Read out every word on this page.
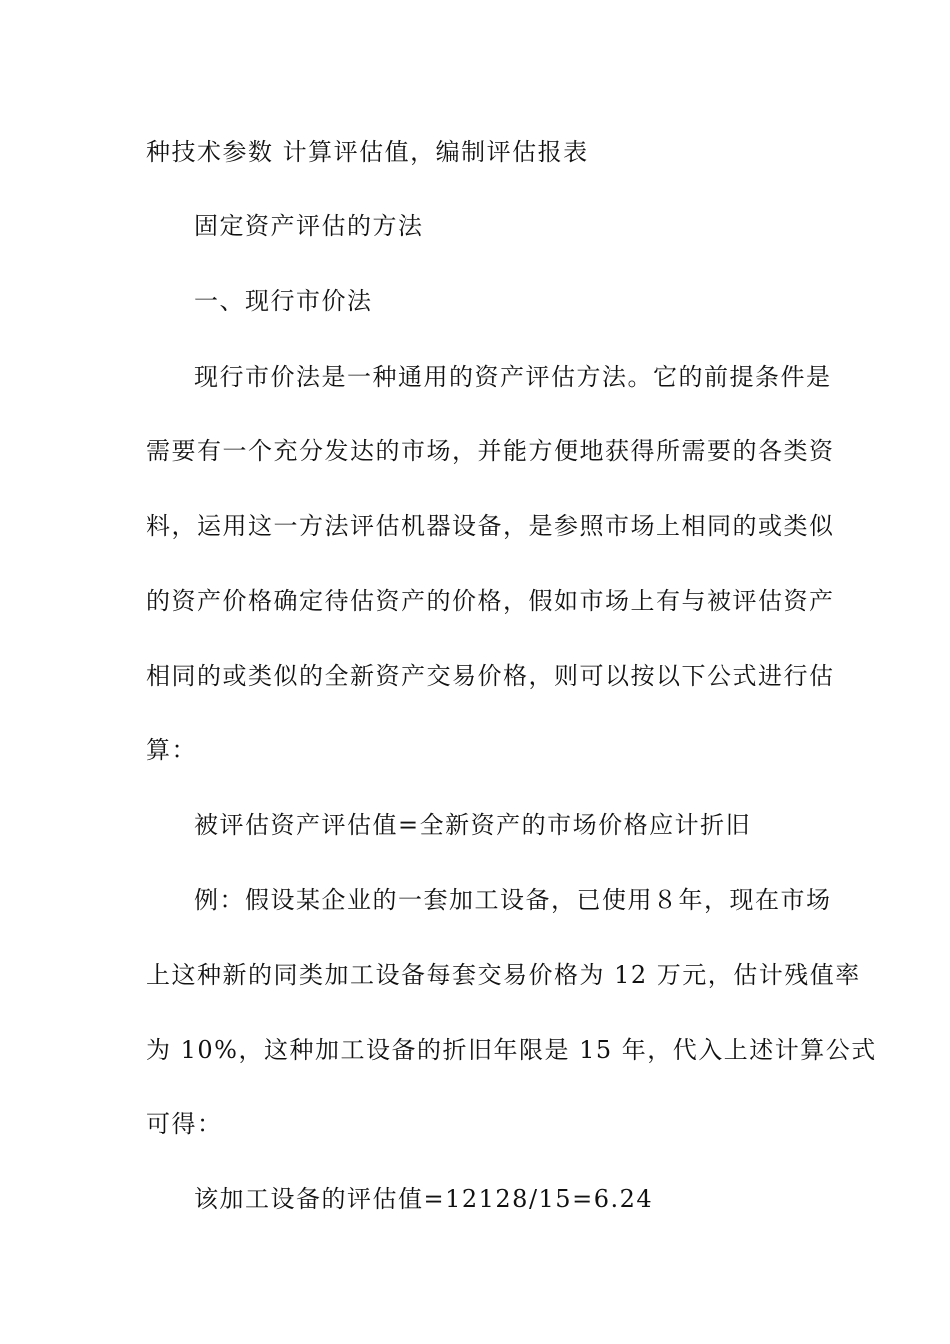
种技术参数 计算评估值，编制评估报表
固定资产评估的方法
一、现行市价法
现行市价法是一种通用的资产评估方法。它的前提条件是
需要有一个充分发达的市场，并能方便地获得所需要的各类资
料，运用这一方法评估机器设备，是参照市场上相同的或类似
的资产价格确定待估资产的价格，假如市场上有与被评估资产
相同的或类似的全新资产交易价格，则可以按以下公式进行估
算：
被评估资产评估值=全新资产的市场价格应计折旧
例：假设某企业的一套加工设备，已使用８年，现在市场
上这种新的同类加工设备每套交易价格为 12 万元，估计残值率
为 10%，这种加工设备的折旧年限是 15 年，代入上述计算公式
可得：
该加工设备的评估值=12128/15=6.24
